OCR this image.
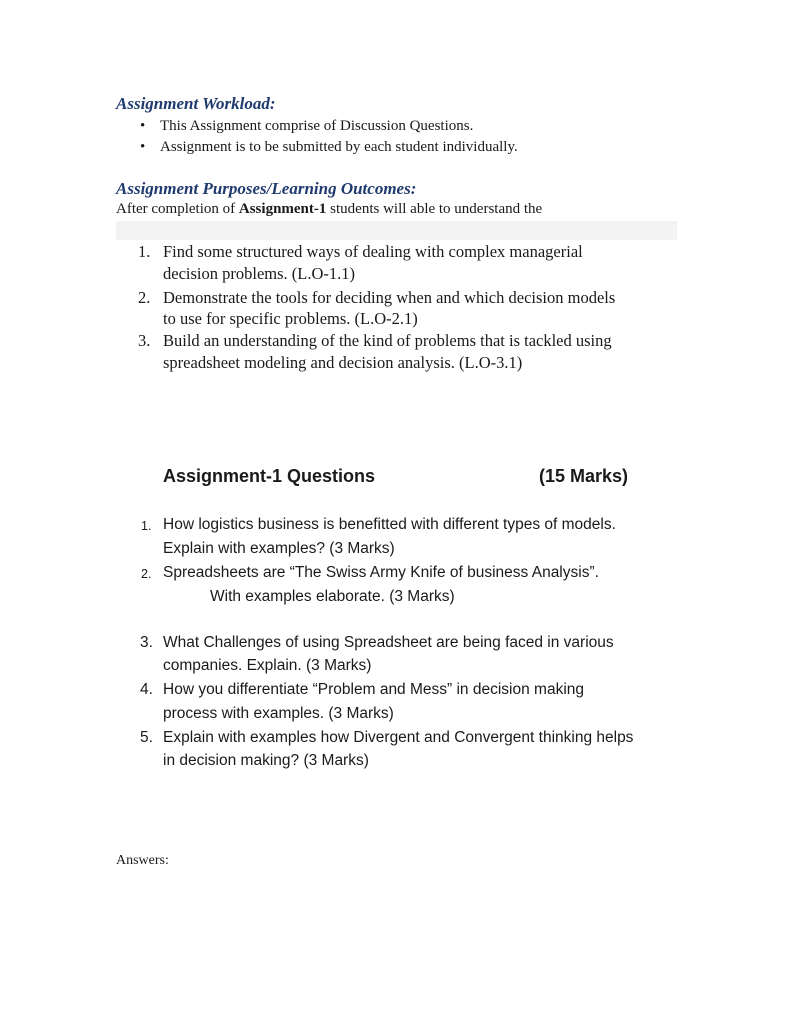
Assignment Workload:
• This Assignment comprise of Discussion Questions.
• Assignment is to be submitted by each student individually.
Assignment Purposes/Learning Outcomes:
After completion of Assignment-1 students will able to understand the
1. Find some structured ways of dealing with complex managerial
decision problems. (L.O-1.1)
2. Demonstrate the tools for deciding when and which decision models
to use for specific problems. (L.O-2.1)
3. Build an understanding of the kind of problems that is tackled using
spreadsheet modeling and decision analysis. (L.O-3.1)
Assignment-1 Questions	(15 Marks)
1. How logistics business is benefitted with different types of models.
Explain with examples? (3 Marks)
2. Spreadsheets are “The Swiss Army Knife of business Analysis”.
With examples elaborate. (3 Marks)
3. What Challenges of using Spreadsheet are being faced in various
companies. Explain. (3 Marks)
4. How you differentiate “Problem and Mess” in decision making
process with examples. (3 Marks)
5. Explain with examples how Divergent and Convergent thinking helps
in decision making? (3 Marks)
Answers:
